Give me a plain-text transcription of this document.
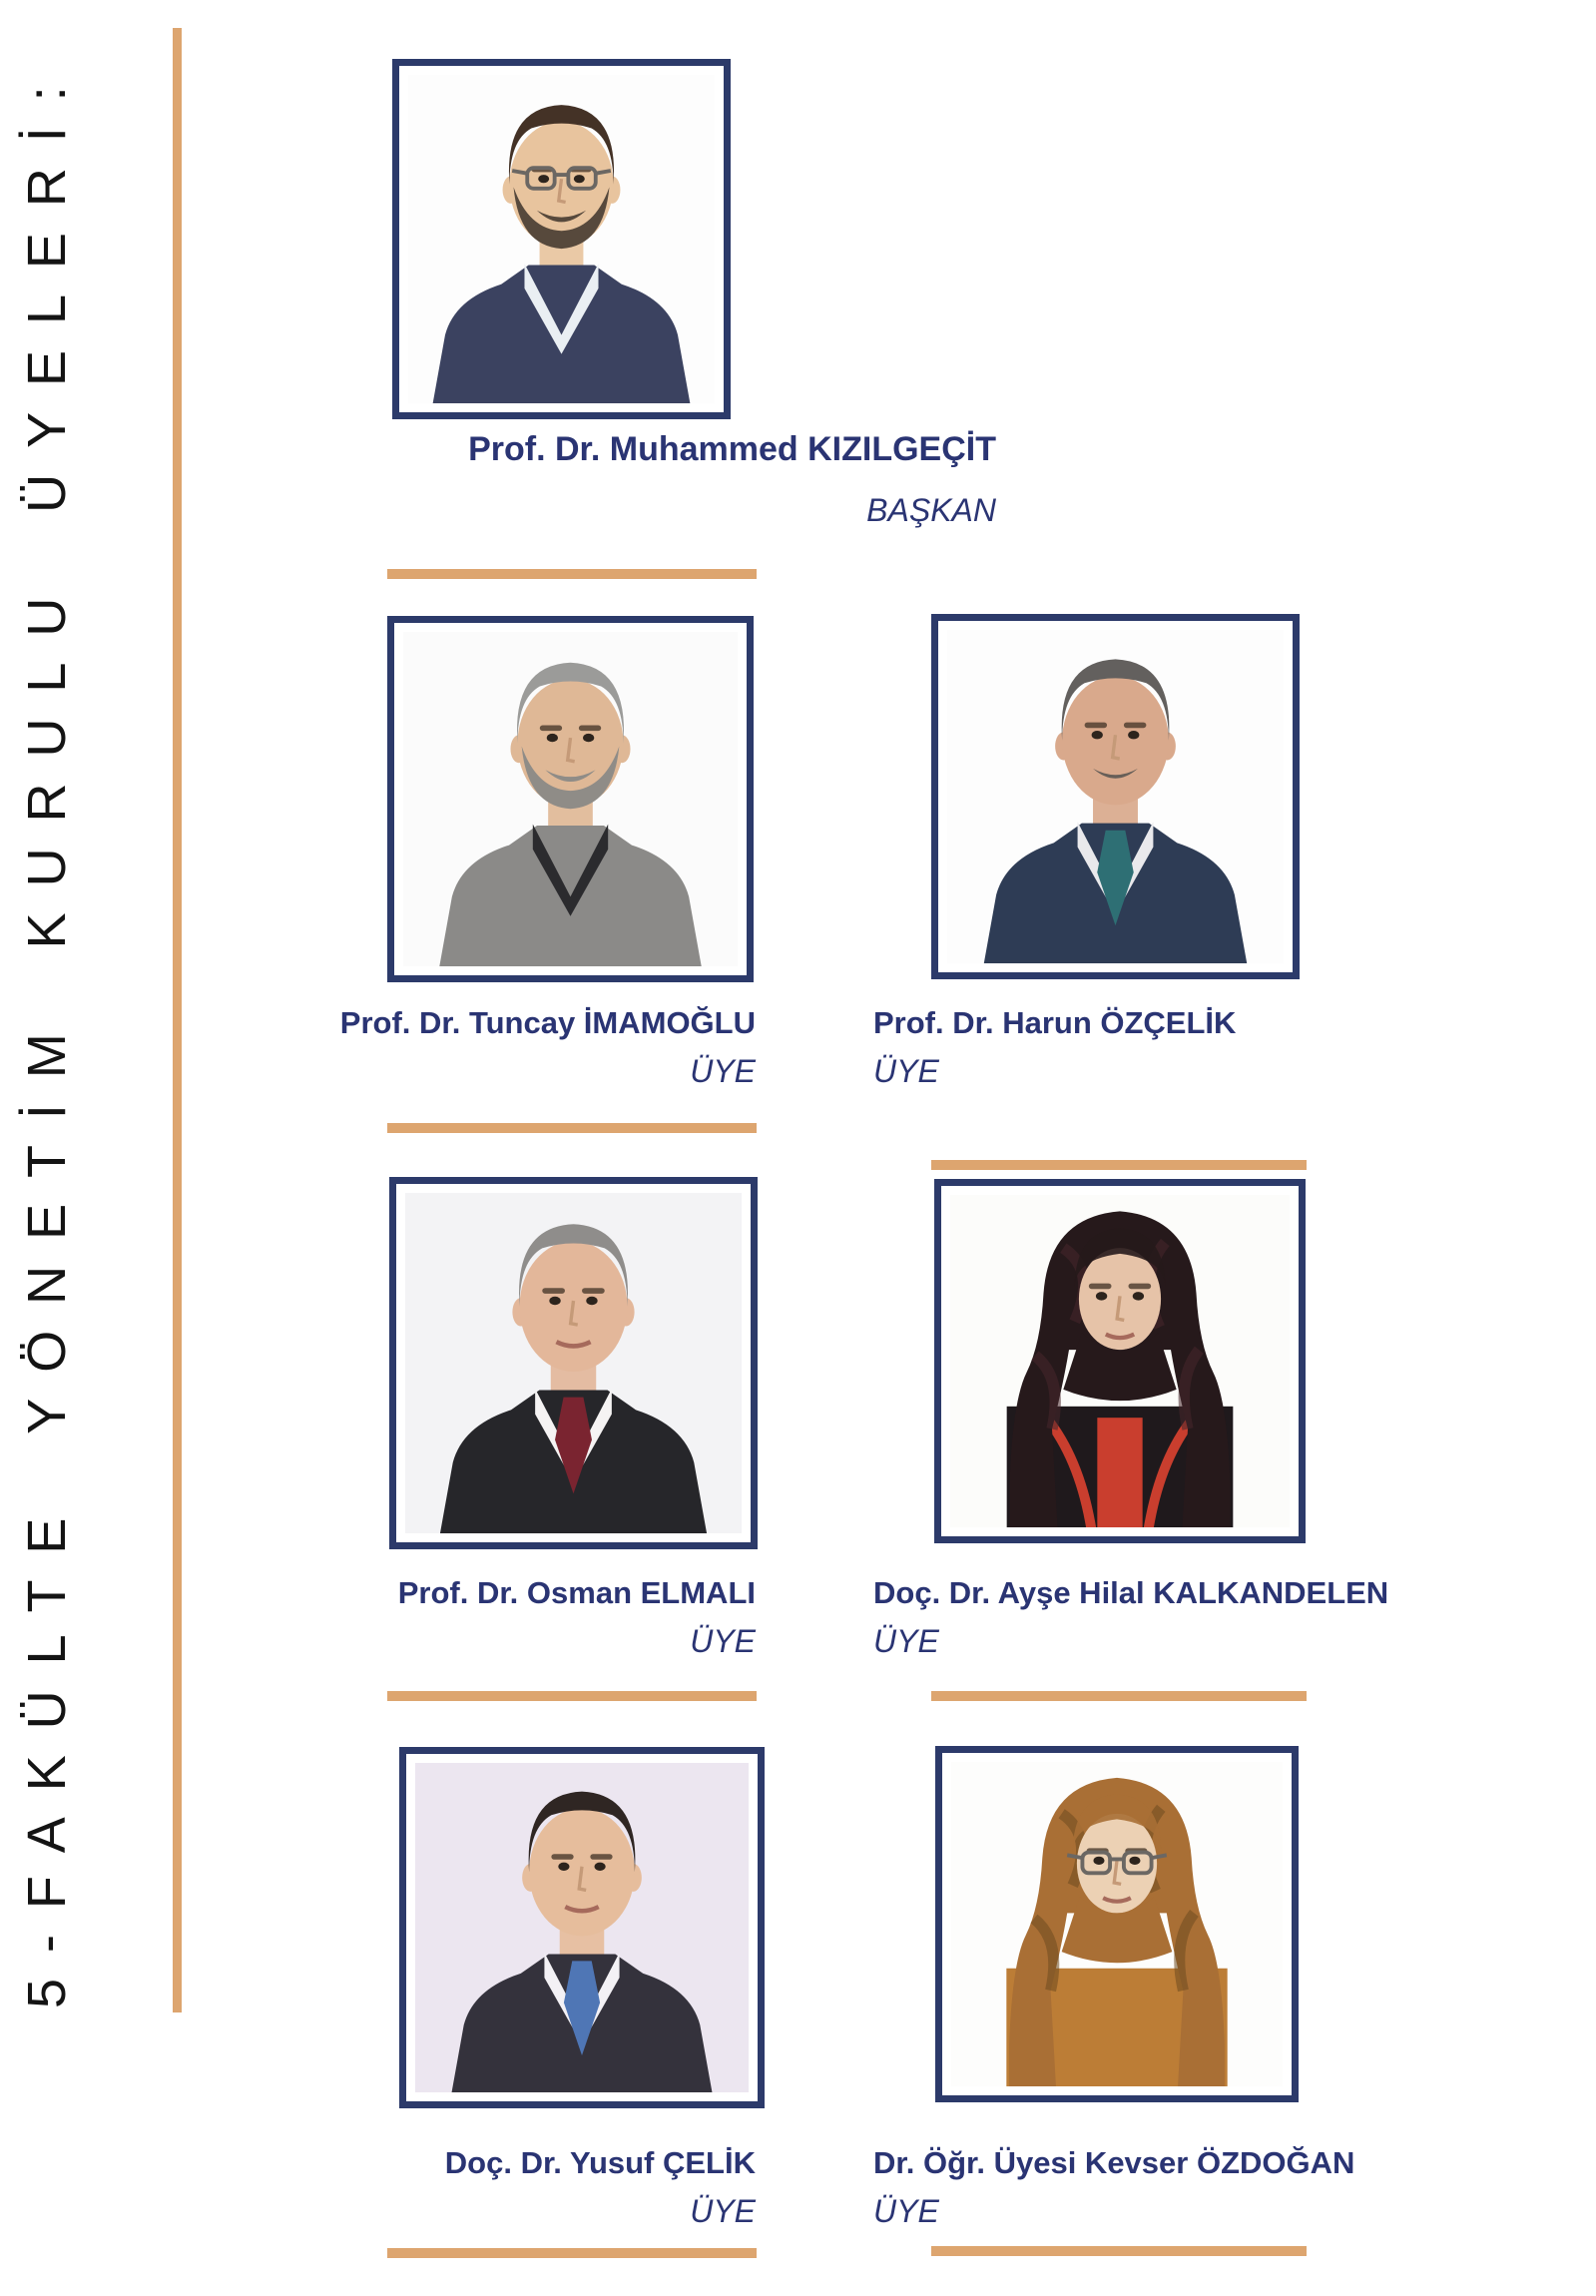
5-FAKÜLTE YÖNETİM KURULU ÜYELERİ:	Prof. Dr. Muhammed KIZILGEÇİT
BAŞKAN
Prof. Dr. Tuncay İMAMOĞLU
ÜYE
Prof. Dr. Harun ÖZÇELİK
ÜYE
Prof. Dr. Osman ELMALI
ÜYE
Doç. Dr. Ayşe Hilal KALKANDELEN
ÜYE
Doç. Dr. Yusuf ÇELİK
ÜYE
Dr. Öğr. Üyesi Kevser ÖZDOĞAN
ÜYE
